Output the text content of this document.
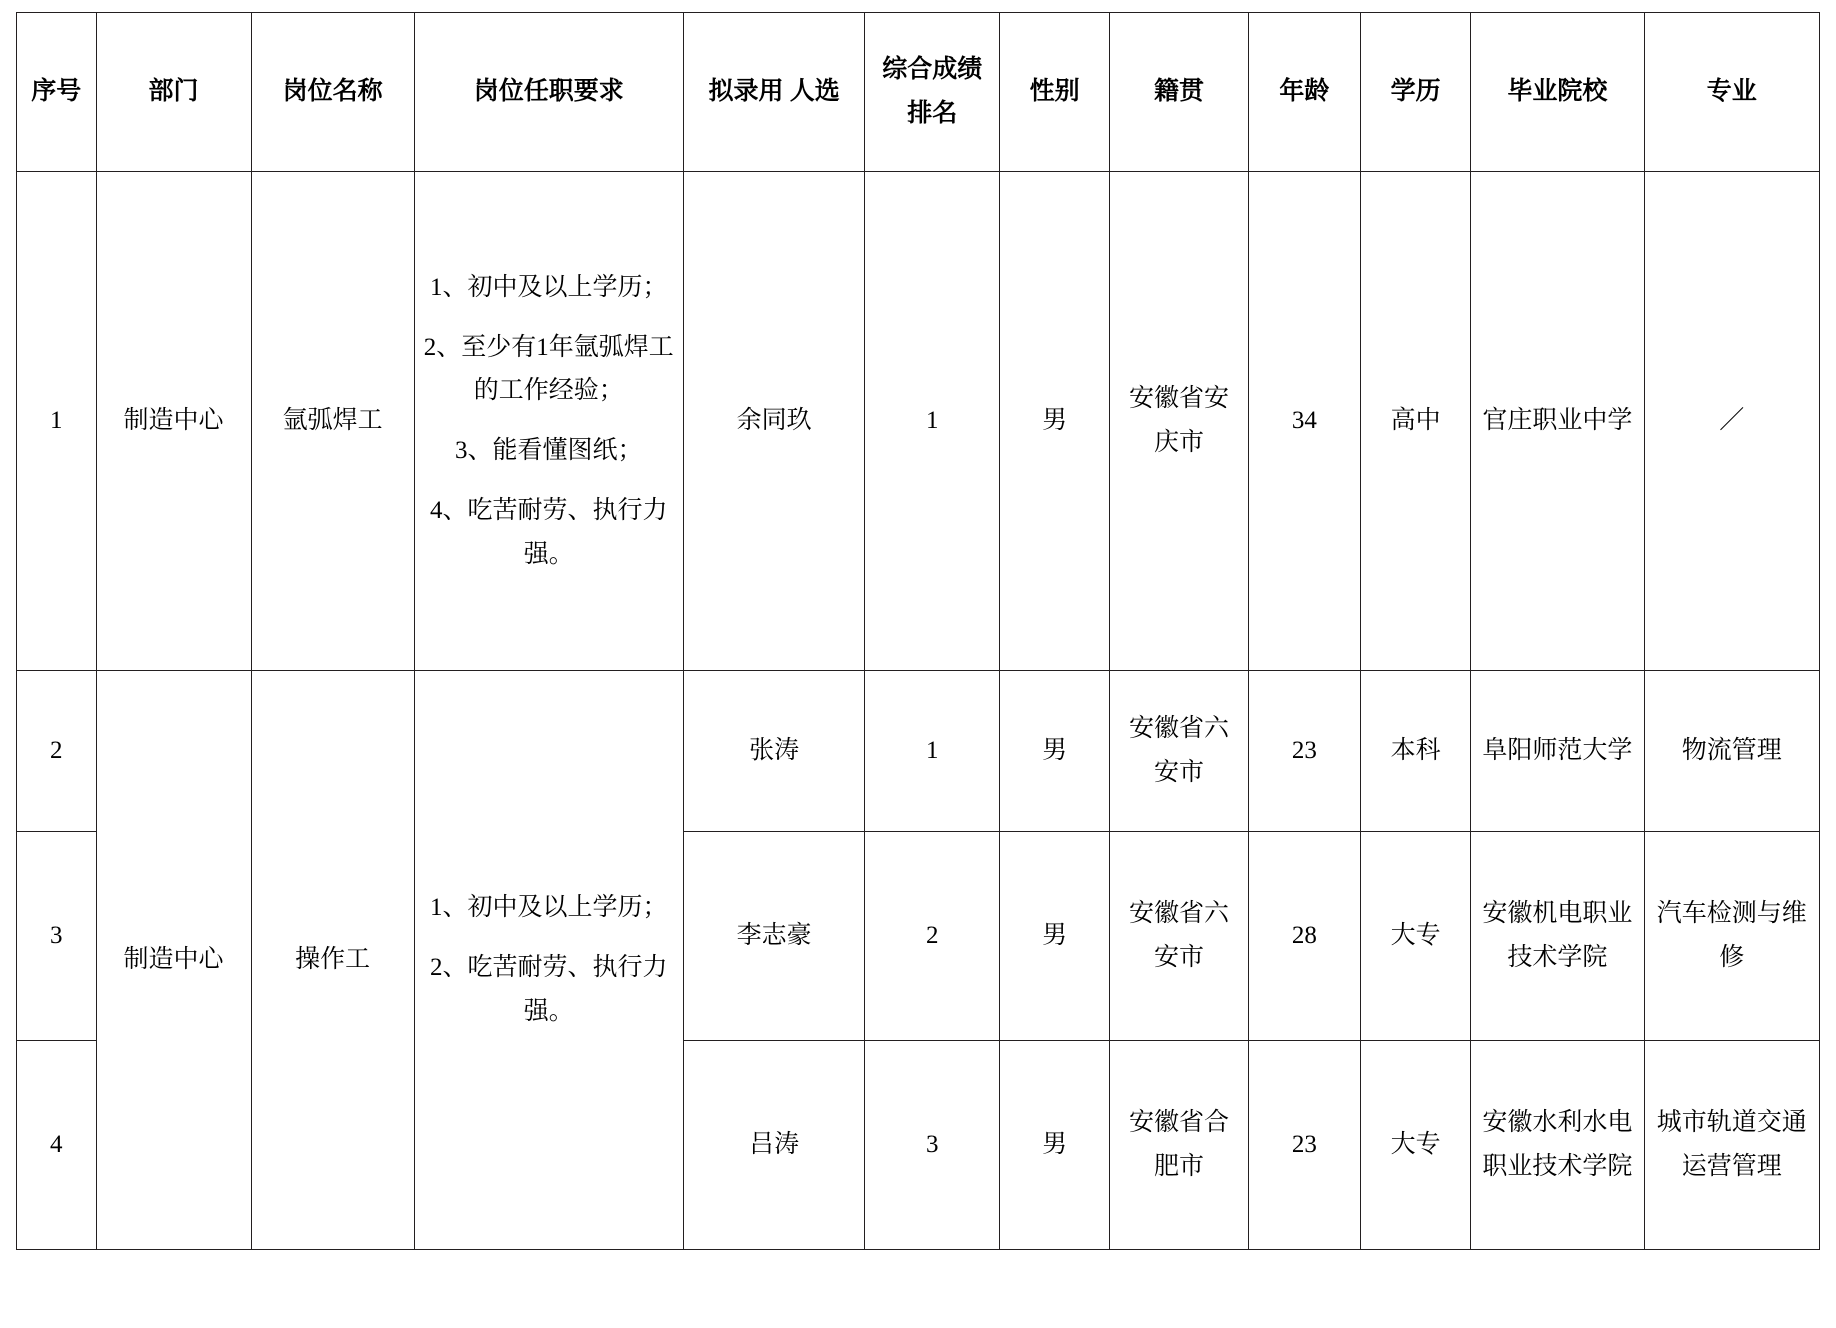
序号	部门	岗位名称	岗位任职要求	拟录用 人选	综合成绩排名	性别	籍贯	年龄	学历	毕业院校	专业
1	制造中心	氩弧焊工	1、初中及以上学历；

2、至少有1年氩弧焊工的工作经验；

3、能看懂图纸；

4、吃苦耐劳、执行力强。	余同玖	1	男	安徽省安庆市	34	高中	官庄职业中学	／
2	制造中心	操作工	1、初中及以上学历；

2、吃苦耐劳、执行力强。	张涛	1	男	安徽省六安市	23	本科	阜阳师范大学	物流管理
3				李志豪	2	男	安徽省六安市	28	大专	安徽机电职业技术学院	汽车检测与维修
4				吕涛	3	男	安徽省合肥市	23	大专	安徽水利水电职业技术学院	城市轨道交通运营管理
